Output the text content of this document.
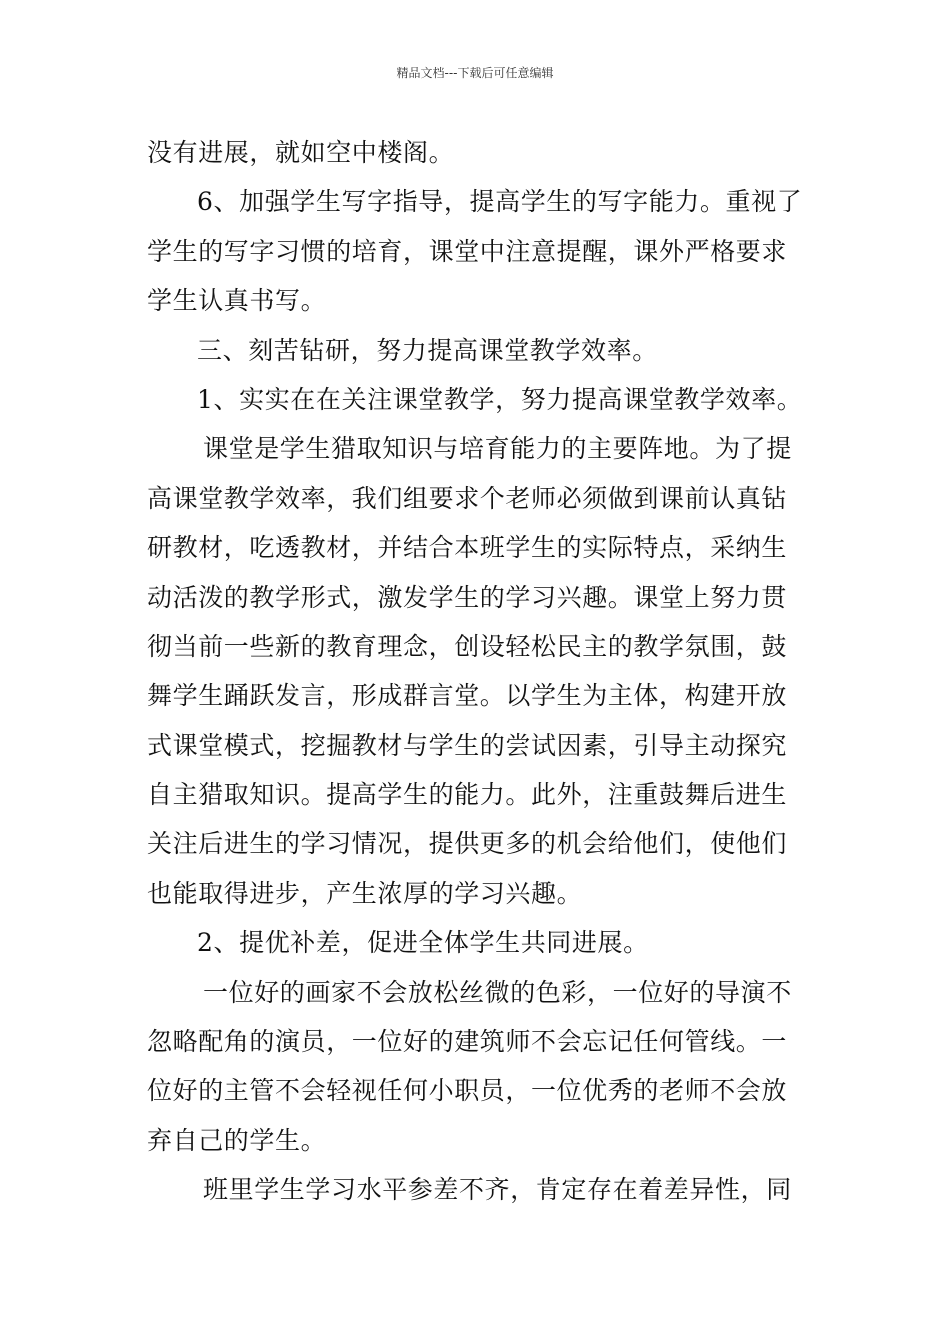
精品文档---下载后可任意编辑
没有进展，就如空中楼阁。
6、加强学生写字指导，提高学生的写字能力。重视了
学生的写字习惯的培育，课堂中注意提醒，课外严格要求
学生认真书写。
三、刻苦钻研，努力提高课堂教学效率。
1、实实在在关注课堂教学，努力提高课堂教学效率。
课堂是学生猎取知识与培育能力的主要阵地。为了提
高课堂教学效率，我们组要求个老师必须做到课前认真钻
研教材，吃透教材，并结合本班学生的实际特点，采纳生
动活泼的教学形式，激发学生的学习兴趣。课堂上努力贯
彻当前一些新的教育理念，创设轻松民主的教学氛围，鼓
舞学生踊跃发言，形成群言堂。以学生为主体，构建开放
式课堂模式，挖掘教材与学生的尝试因素，引导主动探究
自主猎取知识。提高学生的能力。此外，注重鼓舞后进生
关注后进生的学习情况，提供更多的机会给他们，使他们
也能取得进步，产生浓厚的学习兴趣。
2、提优补差，促进全体学生共同进展。
一位好的画家不会放松丝微的色彩，一位好的导演不
忽略配角的演员，一位好的建筑师不会忘记任何管线。一
位好的主管不会轻视任何小职员，一位优秀的老师不会放
弃自己的学生。
班里学生学习水平参差不齐，肯定存在着差异性，同
